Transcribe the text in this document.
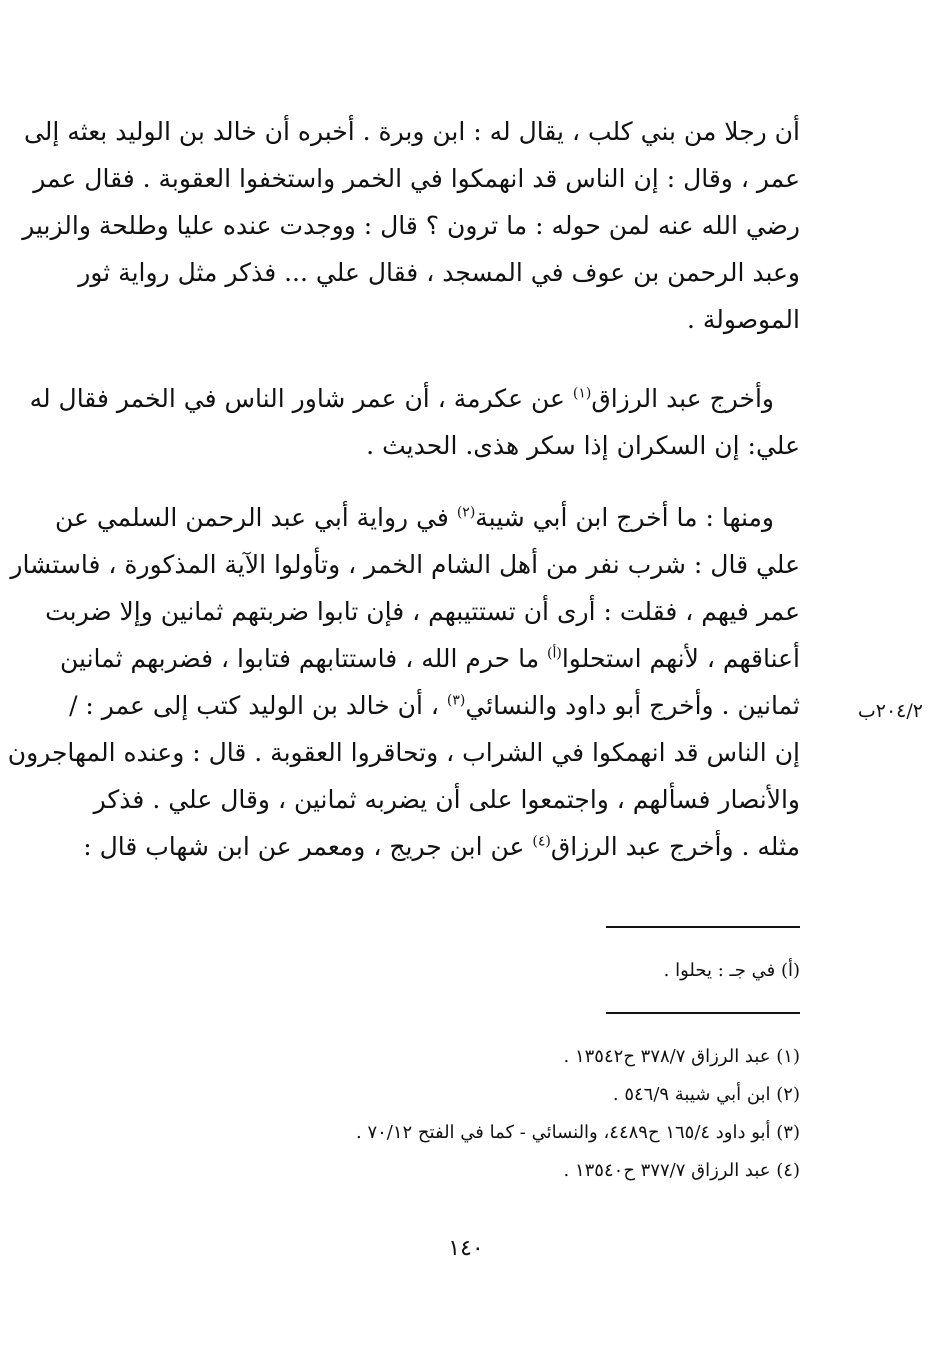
أن رجلا من بني كلب ، يقال له : ابن وبرة . أخبره أن خالد بن الوليد بعثه إلى
عمر ، وقال : إن الناس قد انهمكوا في الخمر واستخفوا العقوبة . فقال عمر
رضي الله عنه لمن حوله : ما ترون ؟ قال : ووجدت عنده عليا وطلحة والزبير
وعبد الرحمن بن عوف في المسجد ، فقال علي ... فذكر مثل رواية ثور
الموصولة .
وأخرج عبد الرزاق$^{(١)}$ عن عكرمة ، أن عمر شاور الناس في الخمر فقال له
علي: إن السكران إذا سكر هذى. الحديث .
ومنها : ما أخرج ابن أبي شيبة$^{(٢)}$ في رواية أبي عبد الرحمن السلمي عن
علي قال : شرب نفر من أهل الشام الخمر ، وتأولوا الآية المذكورة ، فاستشار
عمر فيهم ، فقلت : أرى أن تستتيبهم ، فإن تابوا ضربتهم ثمانين وإلا ضربت
أعناقهم ، لأنهم استحلوا$^{(أ)}$ ما حرم الله ، فاستتابهم فتابوا ، فضربهم ثمانين
ثمانين . وأخرج أبو داود والنسائي$^{(٣)}$ ، أن خالد بن الوليد كتب إلى عمر : /
إن الناس قد انهمكوا في الشراب ، وتحاقروا العقوبة . قال : وعنده المهاجرون
والأنصار فسألهم ، واجتمعوا على أن يضربه ثمانين ، وقال علي . فذكر
مثله . وأخرج عبد الرزاق$^{(٤)}$ عن ابن جريج ، ومعمر عن ابن شهاب قال :
٢٠٤/٢ب
(أ) في جـ : يحلوا .
(١) عبد الرزاق ٣٧٨/٧ ح١٣٥٤٢ .
(٢) ابن أبي شيبة ٥٤٦/٩ .
(٣) أبو داود ١٦٥/٤ ح٤٤٨٩، والنسائي - كما في الفتح ٧٠/١٢ .
(٤) عبد الرزاق ٣٧٧/٧ ح١٣٥٤٠ .
١٤٠
